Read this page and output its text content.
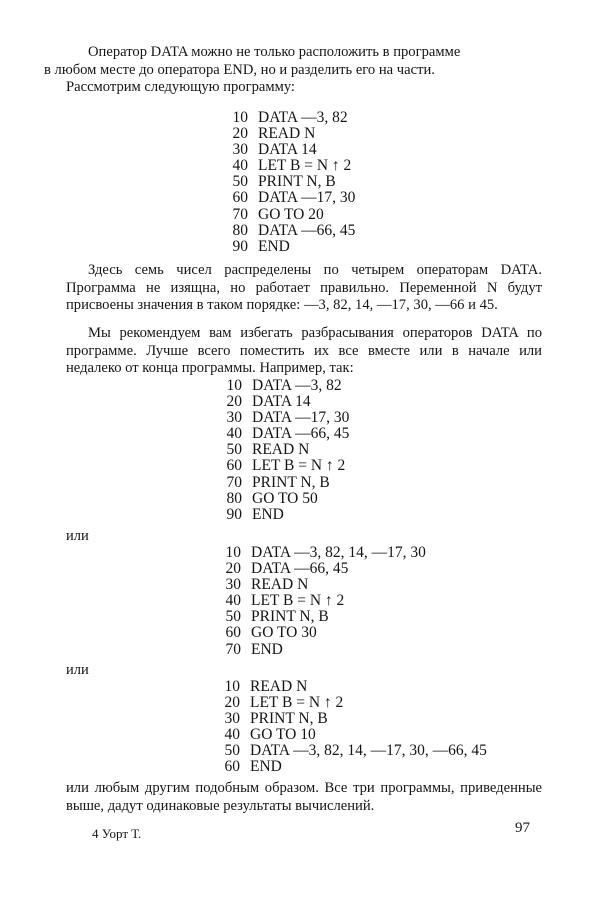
Оператор DATA можно не только расположить в программе
в любом месте до оператора END, но и разделить его на части.
Рассмотрим следующую программу:

10 DATA —3, 82
20 READ N
30 DATA 14
40 LET B = N ↑ 2
50 PRINT N, B
60 DATA —17, 30
70 GO TO 20
80 DATA —66, 45
90 END

Здесь семь чисел распределены по четырем операторам DATA. Программа не изящна, но работает правильно. Переменной N будут присвоены значения в таком порядке: —3, 82, 14, —17, 30, —66 и 45.

Мы рекомендуем вам избегать разбрасывания операторов DATA по программе. Лучше всего поместить их все вместе или в начале или недалеко от конца программы. Например, так:

10 DATA —3, 82
20 DATA 14
30 DATA —17, 30
40 DATA —66, 45
50 READ N
60 LET B = N ↑ 2
70 PRINT N, B
80 GO TO 50
90 END

или

10 DATA —3, 82, 14, —17, 30
20 DATA —66, 45
30 READ N
40 LET B = N ↑ 2
50 PRINT N, B
60 GO TO 30
70 END

или

10 READ N
20 LET B = N ↑ 2
30 PRINT N, B
40 GO TO 10
50 DATA —3, 82, 14, —17, 30, —66, 45
60 END

или любым другим подобным образом. Все три программы, приведенные выше, дадут одинаковые результаты вычислений.

4 Уорт Т.	97
